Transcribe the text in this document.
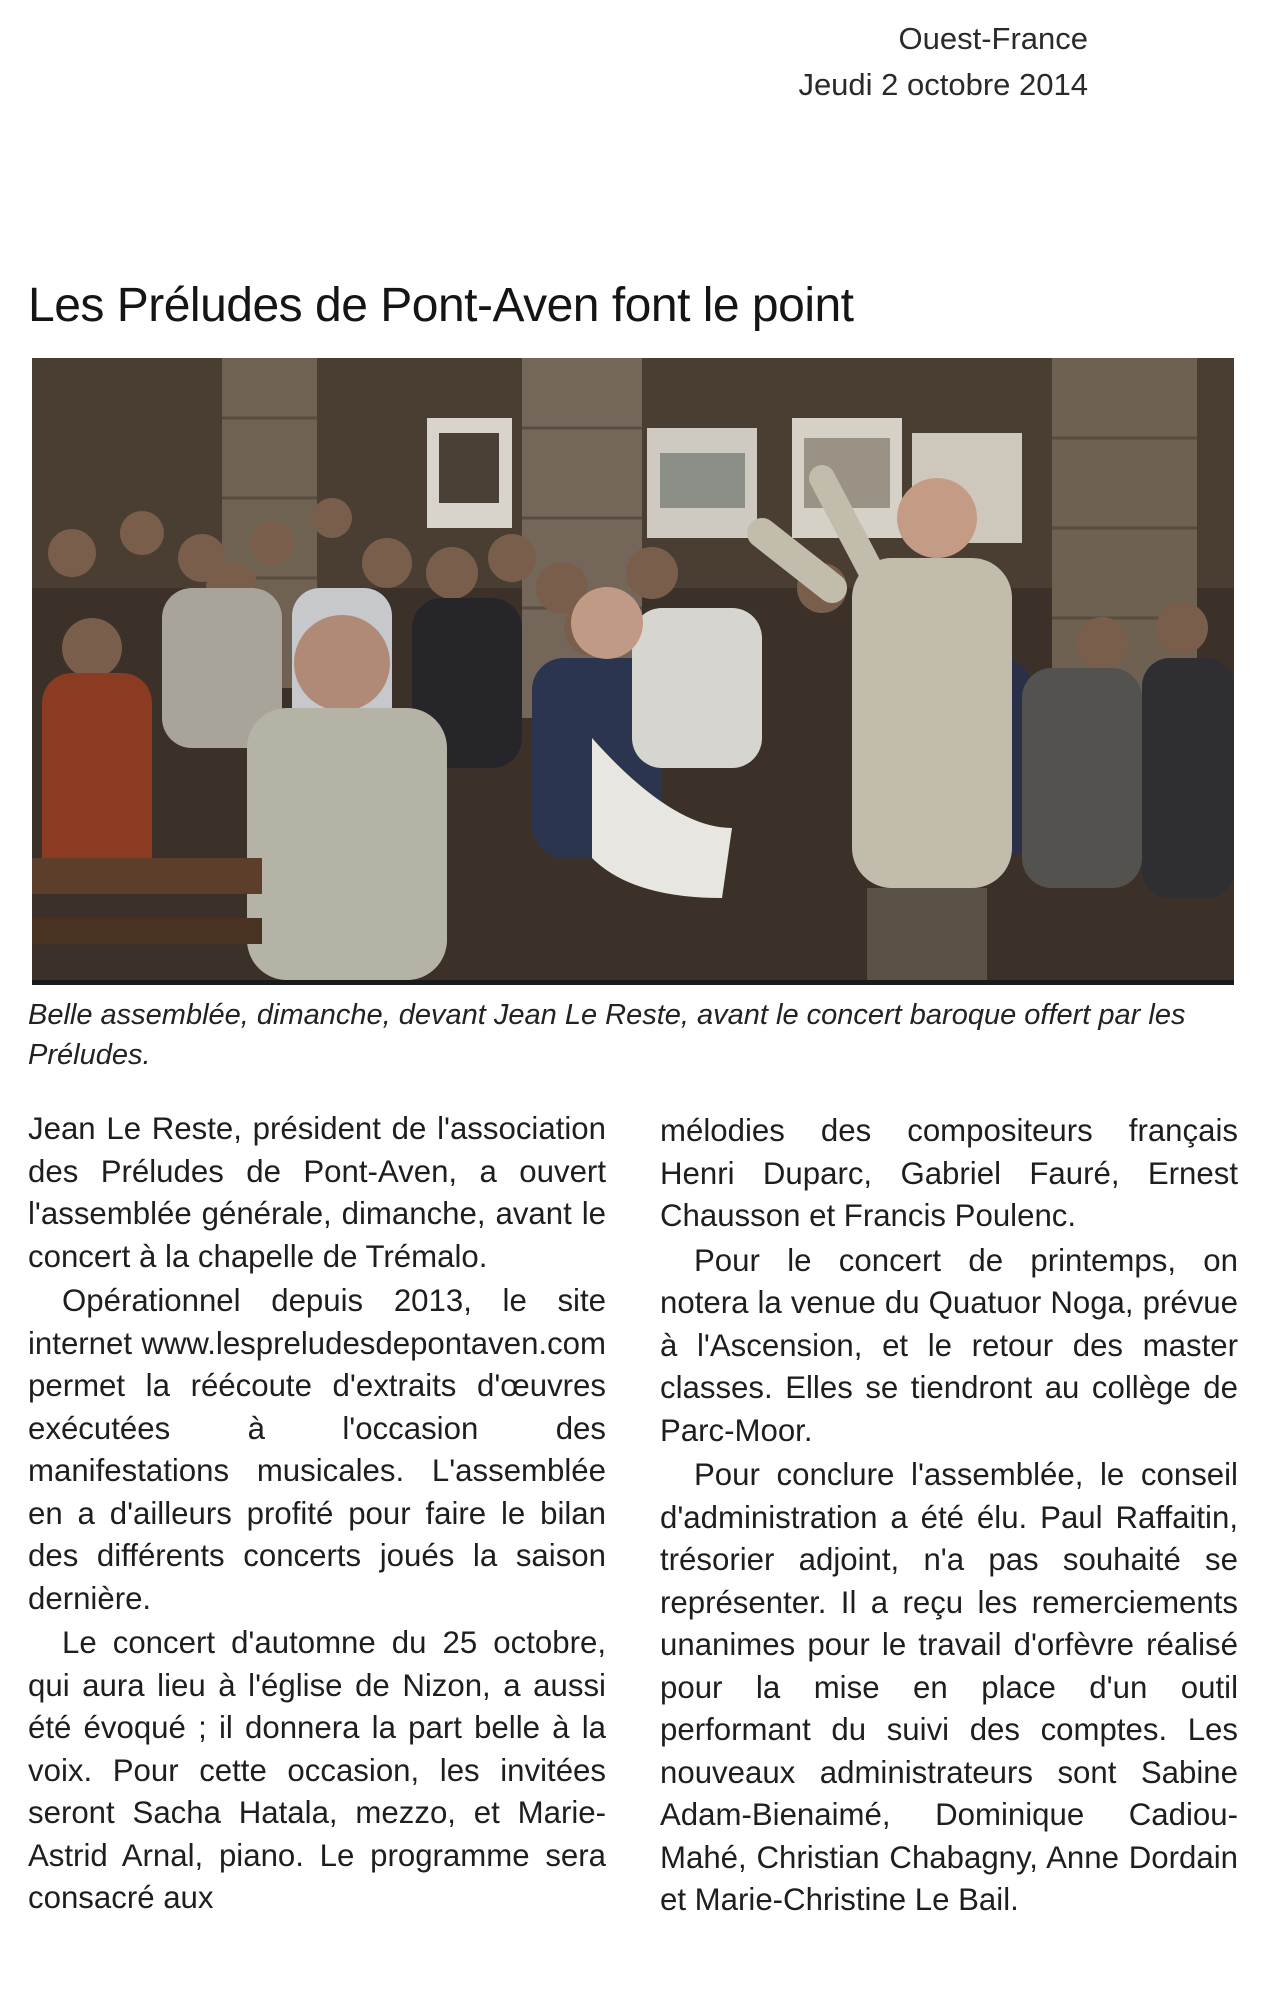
Ouest-France
Jeudi 2 octobre 2014
Les Préludes de Pont-Aven font le point

Belle assemblée, dimanche, devant Jean Le Reste, avant le concert baroque offert par les Préludes.

Jean Le Reste, président de l'association des Préludes de Pont-Aven, a ouvert l'assemblée générale, dimanche, avant le concert à la chapelle de Trémalo.

Opérationnel depuis 2013, le site internet www.lespreludesdepontaven.com permet la réécoute d'extraits d'œuvres exécutées à l'occasion des manifestations musicales. L'assemblée en a d'ailleurs profité pour faire le bilan des différents concerts joués la saison dernière.

Le concert d'automne du 25 octobre, qui aura lieu à l'église de Nizon, a aussi été évoqué ; il donnera la part belle à la voix. Pour cette occasion, les invitées seront Sacha Hatala, mezzo, et Marie-Astrid Arnal, piano. Le programme sera consacré aux

mélodies des compositeurs français Henri Duparc, Gabriel Fauré, Ernest Chausson et Francis Poulenc.

Pour le concert de printemps, on notera la venue du Quatuor Noga, prévue à l'Ascension, et le retour des master classes. Elles se tiendront au collège de Parc-Moor.

Pour conclure l'assemblée, le conseil d'administration a été élu. Paul Raffaitin, trésorier adjoint, n'a pas souhaité se représenter. Il a reçu les remerciements unanimes pour le travail d'orfèvre réalisé pour la mise en place d'un outil performant du suivi des comptes. Les nouveaux administrateurs sont Sabine Adam-Bienaimé, Dominique Cadiou-Mahé, Christian Chabagny, Anne Dordain et Marie-Christine Le Bail.
